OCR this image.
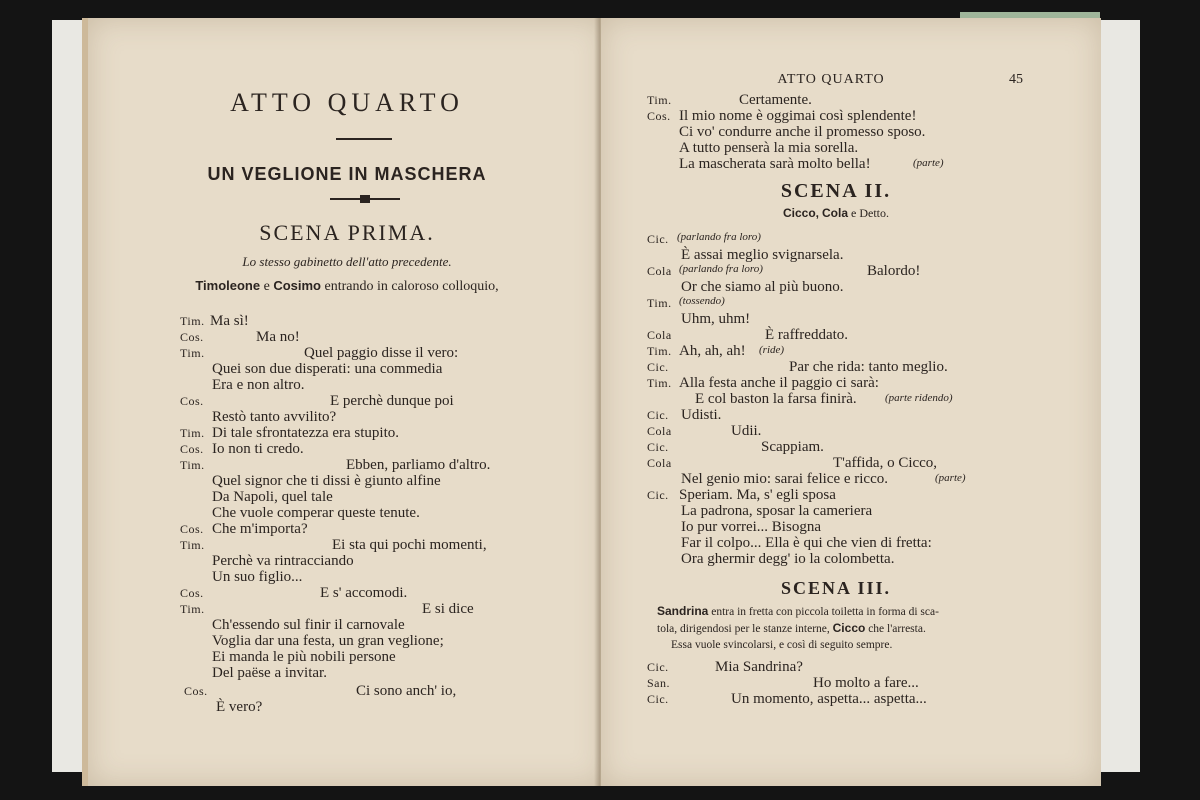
ATTO QUARTO
UN VEGLIONE IN MASCHERA
SCENA PRIMA.
Lo stesso gabinetto dell'atto precedente.
Timoleone e Cosimo entrando in caloroso colloquio,
Tim. Ma sì!
Cos.	Ma no!
Tim.	Quel paggio disse il vero:
Quei son due disperati: una commedia
Era e non altro.
Cos.	E perchè dunque poi
Restò tanto avvilito?
Tim. Di tale sfrontatezza era stupito.
Cos. Io non ti credo.
Tim.	Ebben, parliamo d'altro.
Quel signor che ti dissi è giunto alfine
Da Napoli, quel tale
Che vuole comperar queste tenute.
Cos. Che m'importa?
Tim.	Ei sta qui pochi momenti,
Perchè va rintracciando
Un suo figlio...
Cos.	E s' accomodi.
Tim.	E si dice
Ch'essendo sul finir il carnovale
Voglia dar una festa, un gran veglione;
Ei manda le più nobili persone
Del paëse a invitar.
Cos.	Ci sono anch' io,
È vero?
ATTO QUARTO	45
Tim.	Certamente.
Cos. Il mio nome è oggimai così splendente!
Ci vo' condurre anche il promesso sposo.
A tutto penserà la mia sorella.
La mascherata sarà molto bella!	(parte)
SCENA II.
Cicco, Cola e Detto.
Cic. (parlando fra loro)
È assai meglio svignarsela.
Cola (parlando fra loro)	Balordo!
Or che siamo al più buono.
Tim. (tossendo)
Uhm, uhm!
Cola	È raffreddato.
Tim. Ah, ah, ah! (ride)
Cic.	Par che rida: tanto meglio.
Tim. Alla festa anche il paggio ci sarà:
E col baston la farsa finirà.	(parte ridendo)
Cic. Udisti.
Cola	Udii.
Cic.	Scappiam.
Cola	T'affida, o Cicco,
Nel genio mio: sarai felice e ricco.	(parte)
Cic. Speriam. Ma, s' egli sposa
La padrona, sposar la cameriera
Io pur vorrei... Bisogna
Far il colpo... Ella è qui che vien di fretta:
Ora ghermir degg' io la colombetta.
SCENA III.
Sandrina entra in fretta con piccola toiletta in forma di sca-
tola, dirigendosi per le stanze interne, Cicco che l'arresta.
Essa vuole svincolarsi, e così di seguito sempre.
Cic.	Mia Sandrina?
San.	Ho molto a fare...
Cic.	Un momento, aspetta... aspetta...
